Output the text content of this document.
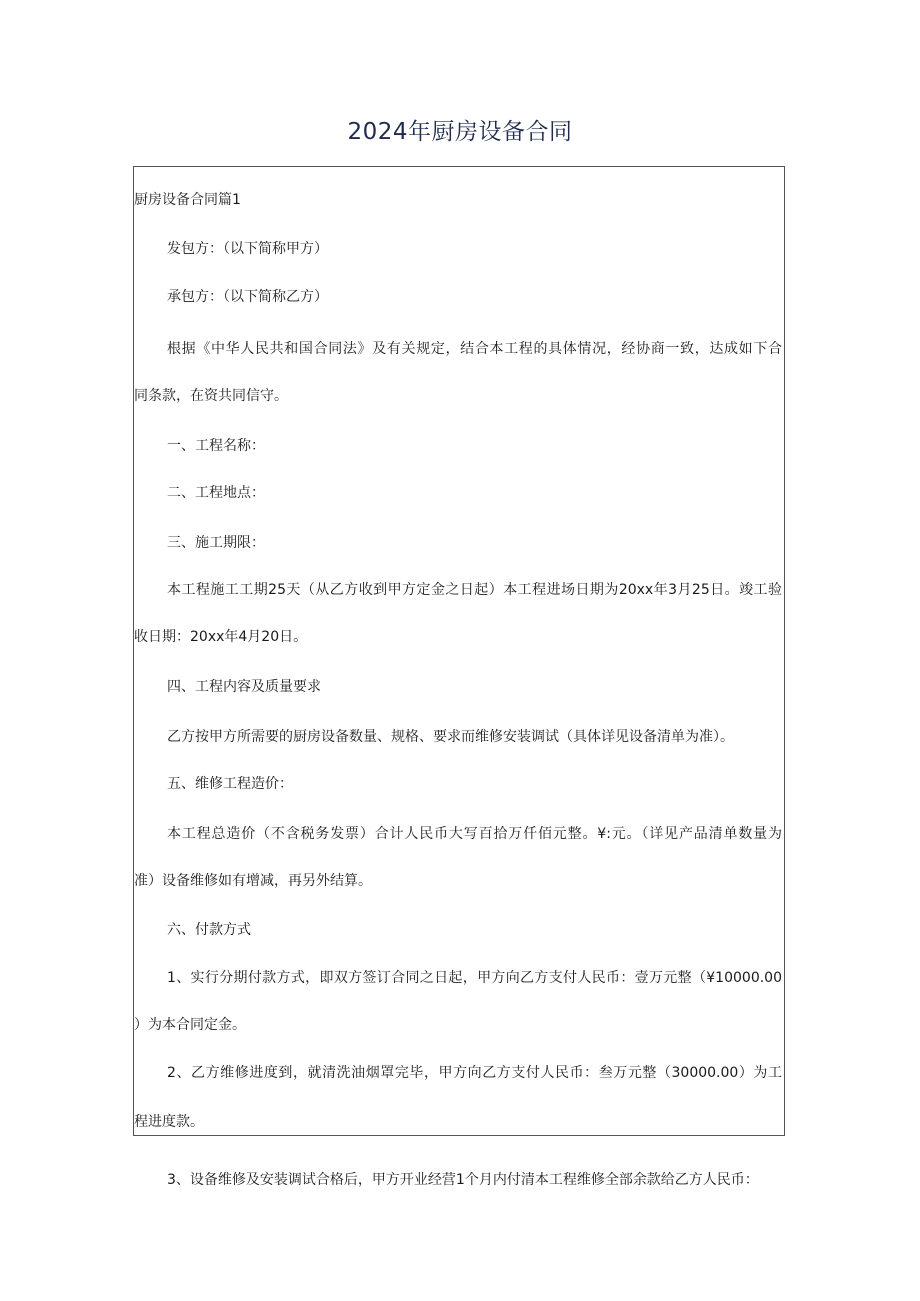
2024年厨房设备合同
厨房设备合同篇1
发包方：（以下简称甲方）
承包方：（以下简称乙方）
根据《中华人民共和国合同法》及有关规定，结合本工程的具体情况，经协商一致，达成如下合
同条款，在资共同信守。
一、工程名称：
二、工程地点：
三、施工期限：
本工程施工工期25天（从乙方收到甲方定金之日起）本工程进场日期为20xx年3月25日。竣工验
收日期：20xx年4月20日。
四、工程内容及质量要求
乙方按甲方所需要的厨房设备数量、规格、要求而维修安装调试（具体详见设备清单为准）。
五、维修工程造价：
本工程总造价（不含税务发票）合计人民币大写百拾万仟佰元整。¥:元。（详见产品清单数量为
准）设备维修如有增减，再另外结算。
六、付款方式
1、实行分期付款方式，即双方签订合同之日起，甲方向乙方支付人民币：壹万元整（¥10000.00
）为本合同定金。
2、乙方维修进度到，就清洗油烟罩完毕，甲方向乙方支付人民币：叁万元整（30000.00）为工
程进度款。
3、设备维修及安装调试合格后，甲方开业经营1个月内付清本工程维修全部余款给乙方人民币：
